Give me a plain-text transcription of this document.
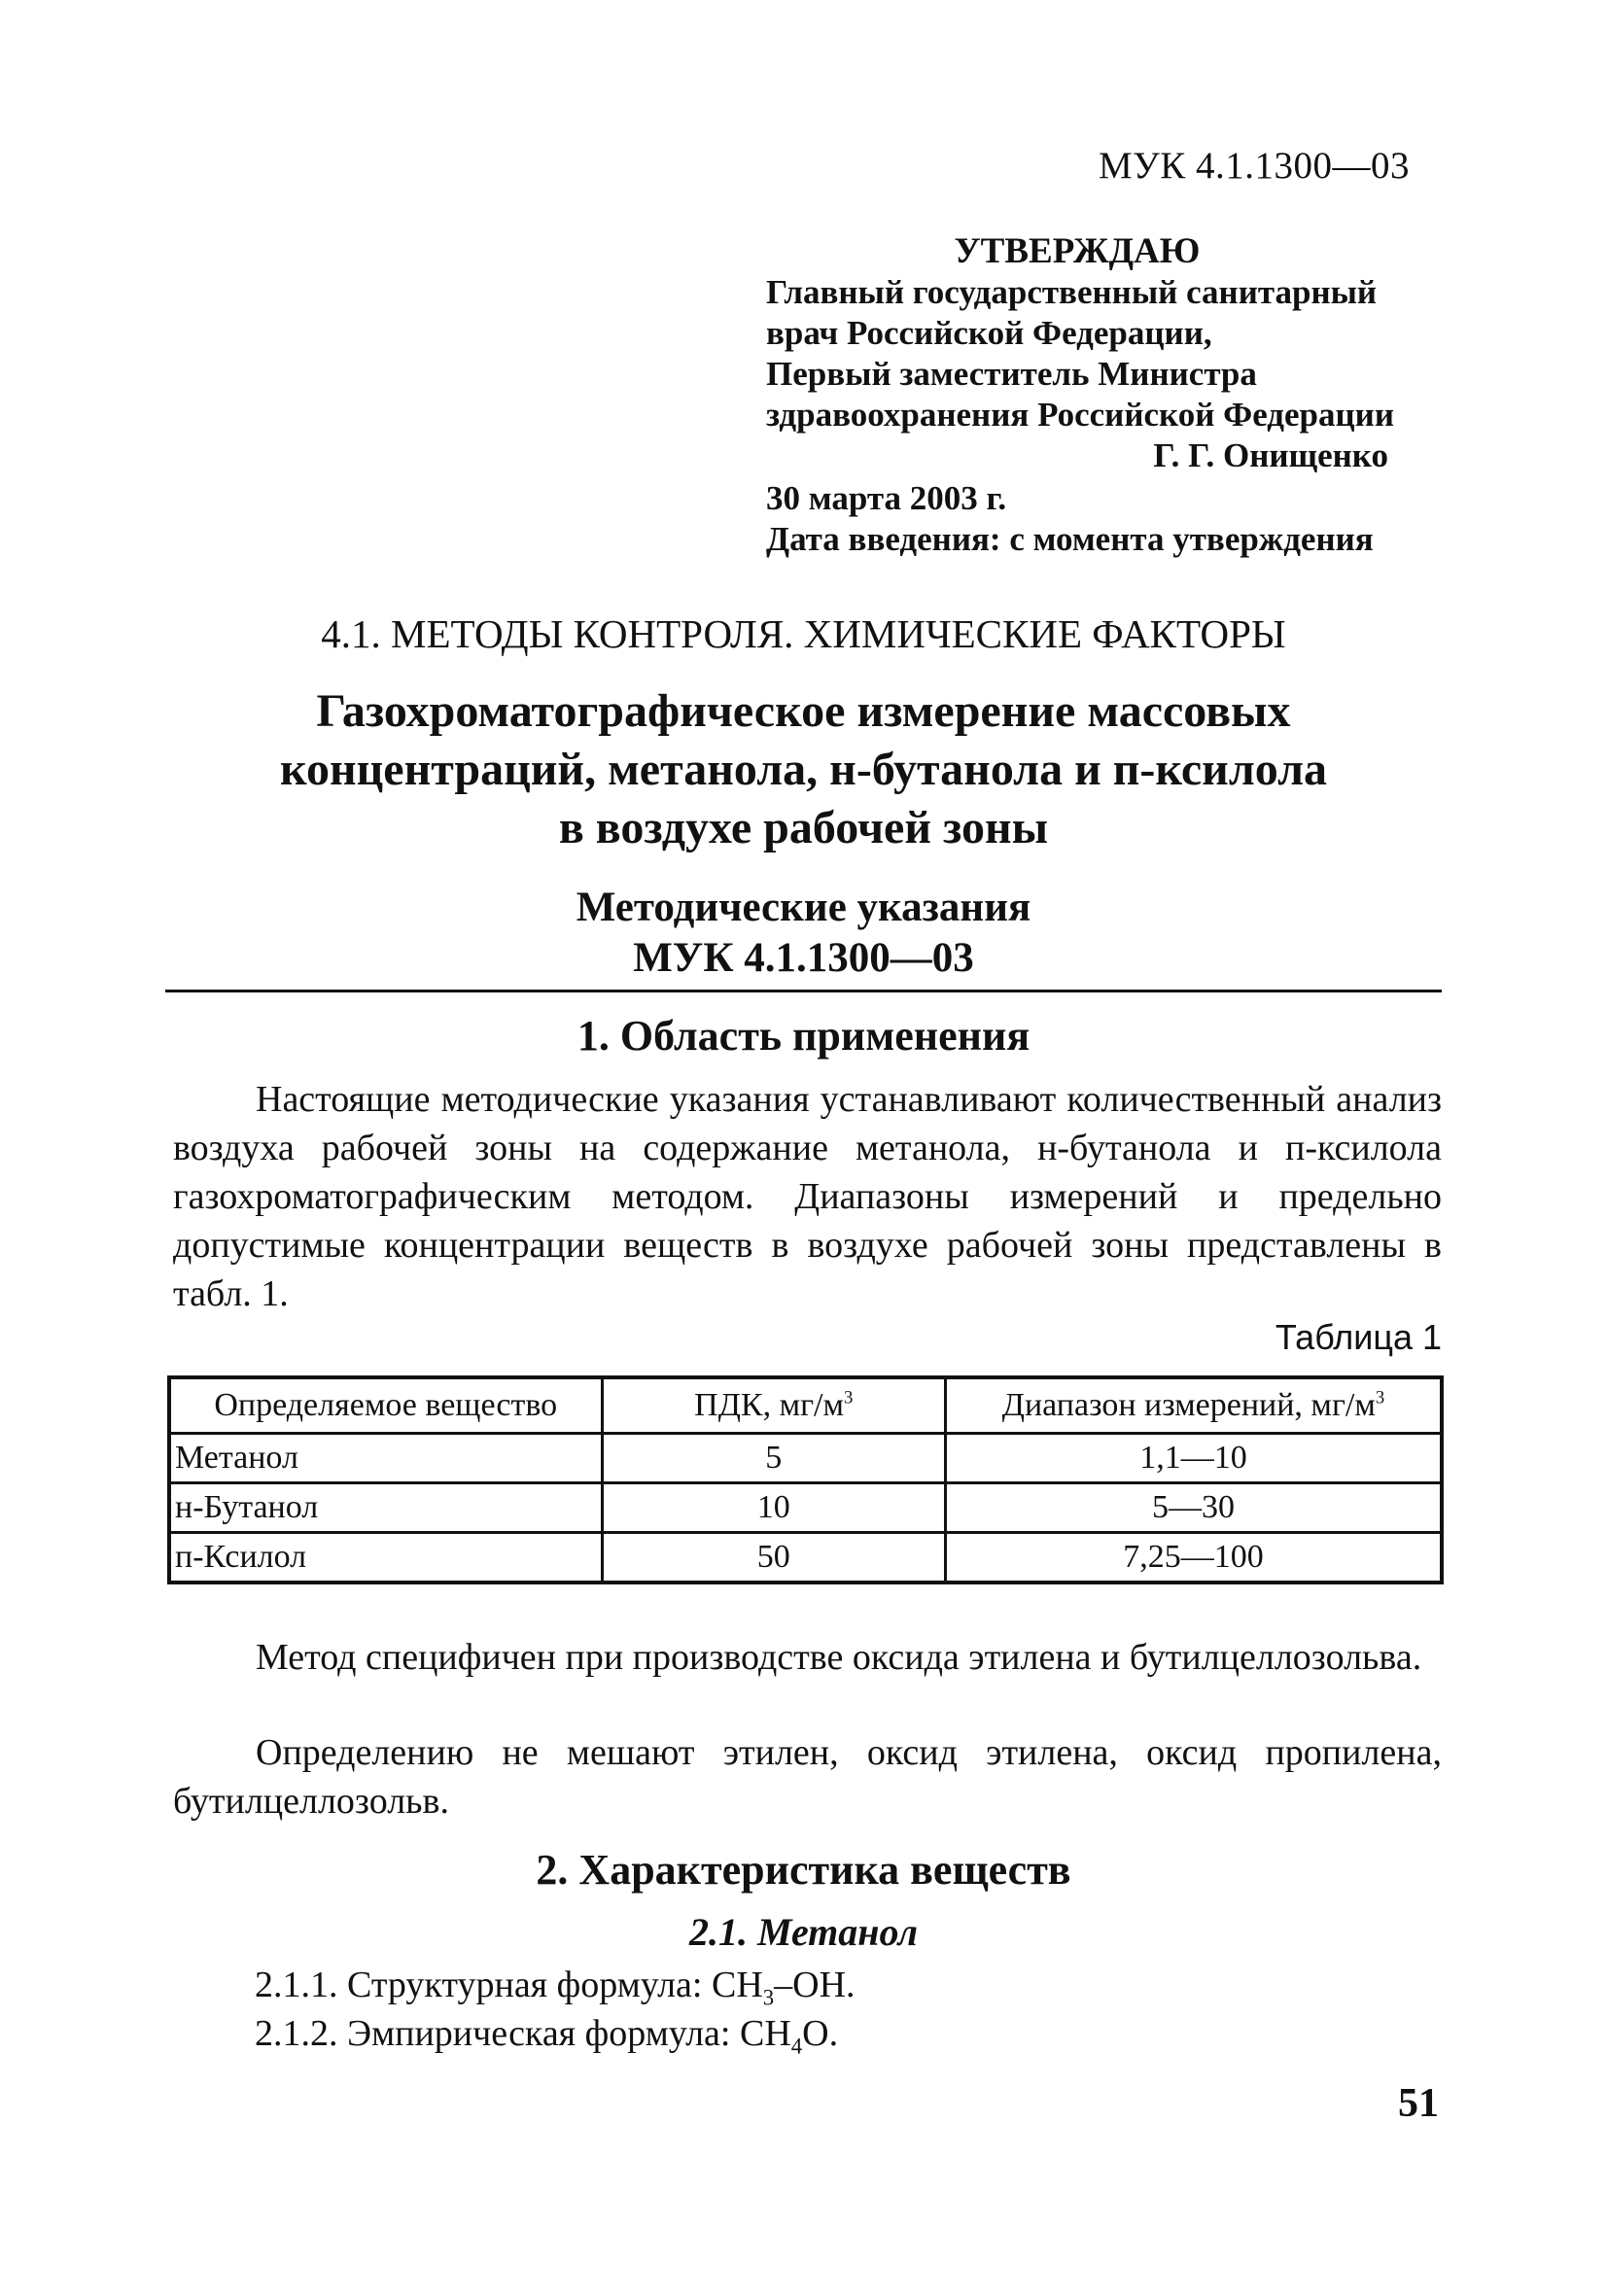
МУК 4.1.1300—03
УТВЕРЖДАЮ
Главный государственный санитарный
врач Российской Федерации,
Первый заместитель Министра
здравоохранения Российской Федерации
Г. Г. Онищенко
30 марта 2003 г.
Дата введения: с момента утверждения
4.1. МЕТОДЫ КОНТРОЛЯ. ХИМИЧЕСКИЕ ФАКТОРЫ
Газохроматографическое измерение массовых
концентраций, метанола, н-бутанола и п-ксилола
в воздухе рабочей зоны
Методические указания
МУК 4.1.1300—03
1. Область применения

Настоящие методические указания устанавливают количественный анализ воздуха рабочей зоны на содержание метанола, н-бутанола и п-ксилола газохроматографическим методом. Диапазоны измерений и предельно допустимые концентрации веществ в воздухе рабочей зоны представлены в табл. 1.

Таблица 1
Определяемое вещество	ПДК, $мг/м^3$	Диапазон измерений, $мг/м^3$
Метанол	5	1,1—10
н-Бутанол	10	5—30
п-Ксилол	50	7,25—100

Метод специфичен при производстве оксида этилена и бутилцеллозольва.

Определению не мешают этилен, оксид этилена, оксид пропилена, бутилцеллозольв.

2. Характеристика веществ
2.1. Метанол
2.1.1. Структурная формула: $CH_3-OH$.
2.1.2. Эмпирическая формула: $CH_4O$.
51
